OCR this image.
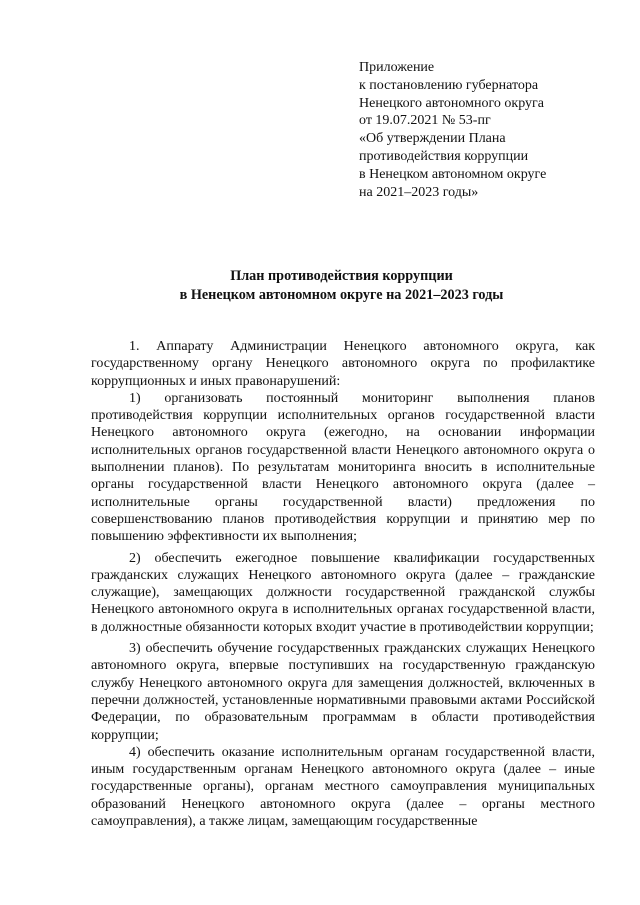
Приложение
к постановлению губернатора
Ненецкого автономного округа
от 19.07.2021 № 53-пг
«Об утверждении Плана
противодействия коррупции
в Ненецком автономном округе
на 2021–2023 годы»
План противодействия коррупции
в Ненецком автономном округе на 2021–2023 годы

1. Аппарату Администрации Ненецкого автономного округа, как государственному органу Ненецкого автономного округа по профилактике коррупционных и иных правонарушений:

1) организовать постоянный мониторинг выполнения планов противодействия коррупции исполнительных органов государственной власти Ненецкого автономного округа (ежегодно, на основании информации исполнительных органов государственной власти Ненецкого автономного округа о выполнении планов). По результатам мониторинга вносить в исполнительные органы государственной власти Ненецкого автономного округа (далее – исполнительные органы государственной власти) предложения по совершенствованию планов противодействия коррупции и принятию мер по повышению эффективности их выполнения;

2) обеспечить ежегодное повышение квалификации государственных гражданских служащих Ненецкого автономного округа (далее – гражданские служащие), замещающих должности государственной гражданской службы Ненецкого автономного округа в исполнительных органах государственной власти, в должностные обязанности которых входит участие в противодействии коррупции;

3) обеспечить обучение государственных гражданских служащих Ненецкого автономного округа, впервые поступивших на государственную гражданскую службу Ненецкого автономного округа для замещения должностей, включенных в перечни должностей, установленные нормативными правовыми актами Российской Федерации, по образовательным программам в области противодействия коррупции;

4) обеспечить оказание исполнительным органам государственной власти, иным государственным органам Ненецкого автономного округа (далее – иные государственные органы), органам местного самоуправления муниципальных образований Ненецкого автономного округа (далее – органы местного самоуправления), а также лицам, замещающим государственные
